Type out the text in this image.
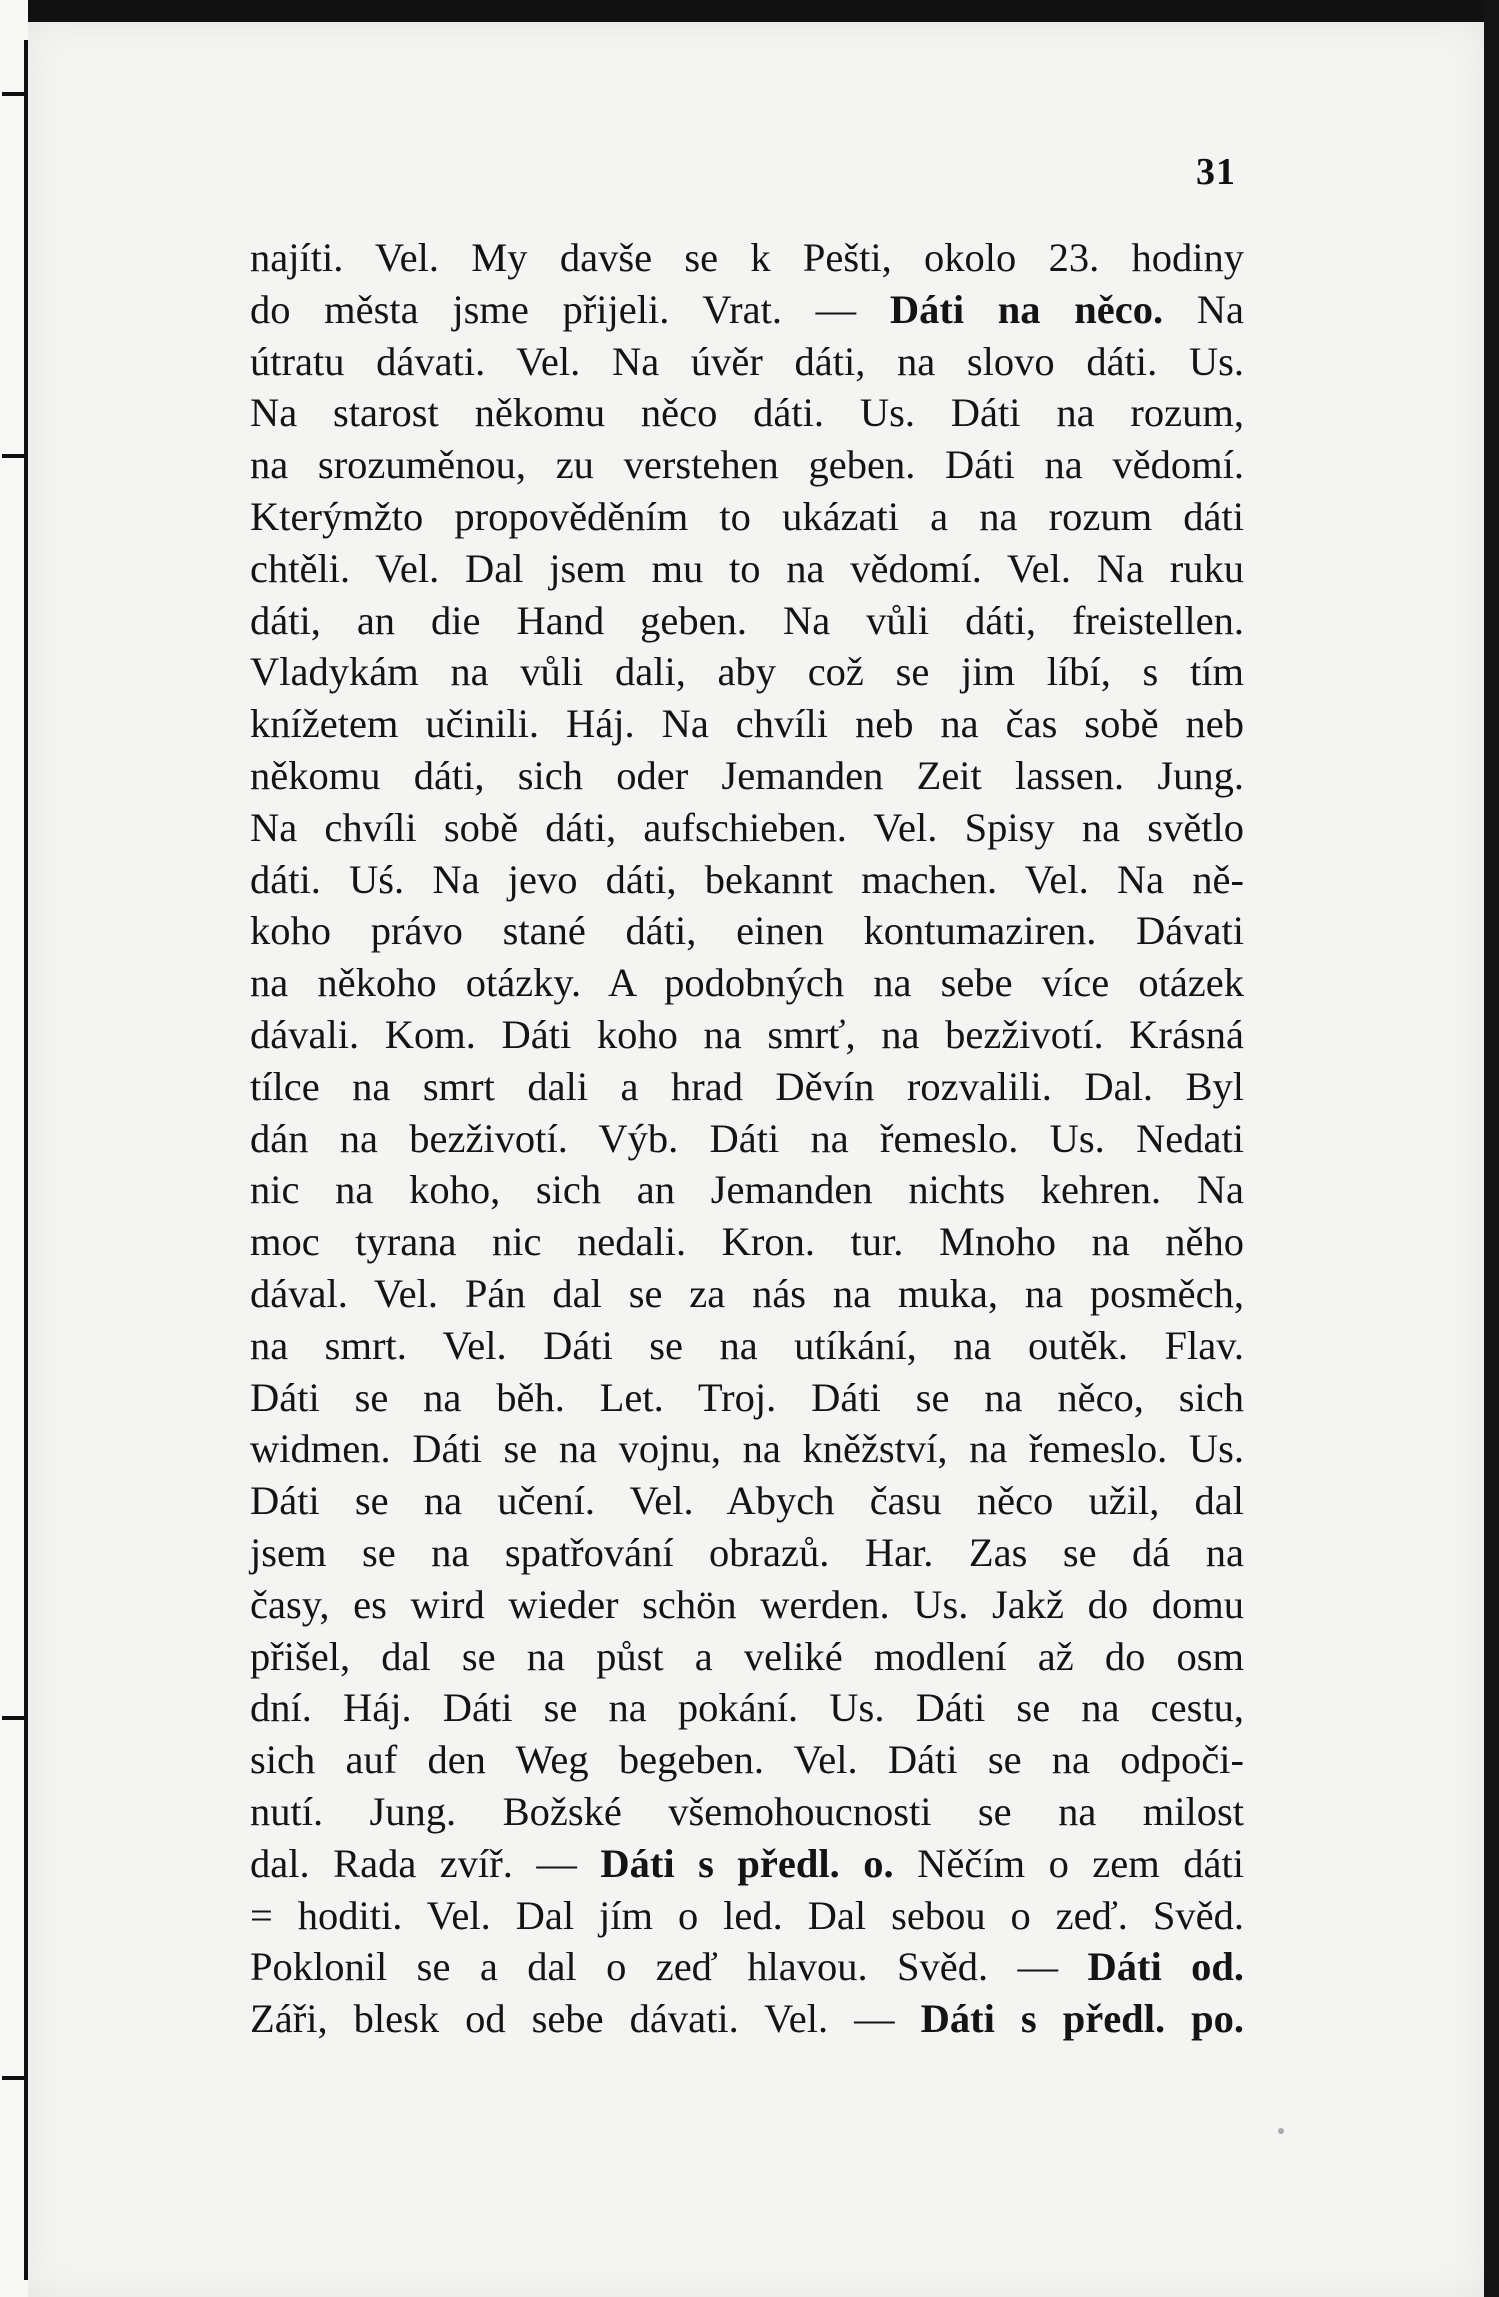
31
najíti. Vel. My davše se k Pešti, okolo 23. hodiny
do města jsme přijeli. Vrat. — Dáti na něco. Na
útratu dávati. Vel. Na úvěr dáti, na slovo dáti. Us.
Na starost někomu něco dáti. Us. Dáti na rozum,
na srozuměnou, zu verstehen geben. Dáti na vědomí.
Kterýmžto propověděním to ukázati a na rozum dáti
chtěli. Vel. Dal jsem mu to na vědomí. Vel. Na ruku
dáti, an die Hand geben. Na vůli dáti, freistellen.
Vladykám na vůli dali, aby což se jim líbí, s tím
knížetem učinili. Háj. Na chvíli neb na čas sobě neb
někomu dáti, sich oder Jemanden Zeit lassen. Jung.
Na chvíli sobě dáti, aufschieben. Vel. Spisy na světlo
dáti. Uś. Na jevo dáti, bekannt machen. Vel. Na ně-
koho právo stané dáti, einen kontumaziren. Dávati
na někoho otázky. A podobných na sebe více otázek
dávali. Kom. Dáti koho na smrť, na bezživotí. Krásná
tílce na smrt dali a hrad Děvín rozvalili. Dal. Byl
dán na bezživotí. Výb. Dáti na řemeslo. Us. Nedati
nic na koho, sich an Jemanden nichts kehren. Na
moc tyrana nic nedali. Kron. tur. Mnoho na něho
dával. Vel. Pán dal se za nás na muka, na posměch,
na smrt. Vel. Dáti se na utíkání, na outěk. Flav.
Dáti se na běh. Let. Troj. Dáti se na něco, sich
widmen. Dáti se na vojnu, na kněžství, na řemeslo. Us.
Dáti se na učení. Vel. Abych času něco užil, dal
jsem se na spatřování obrazů. Har. Zas se dá na
časy, es wird wieder schön werden. Us. Jakž do domu
přišel, dal se na půst a veliké modlení až do osm
dní. Háj. Dáti se na pokání. Us. Dáti se na cestu,
sich auf den Weg begeben. Vel. Dáti se na odpoči-
nutí. Jung. Božské všemohoucnosti se na milost
dal. Rada zvíř. — Dáti s předl. o. Něčím o zem dáti
= hoditi. Vel. Dal jím o led. Dal sebou o zeď. Svěd.
Poklonil se a dal o zeď hlavou. Svěd. — Dáti od.
Záři, blesk od sebe dávati. Vel. — Dáti s předl. po.
